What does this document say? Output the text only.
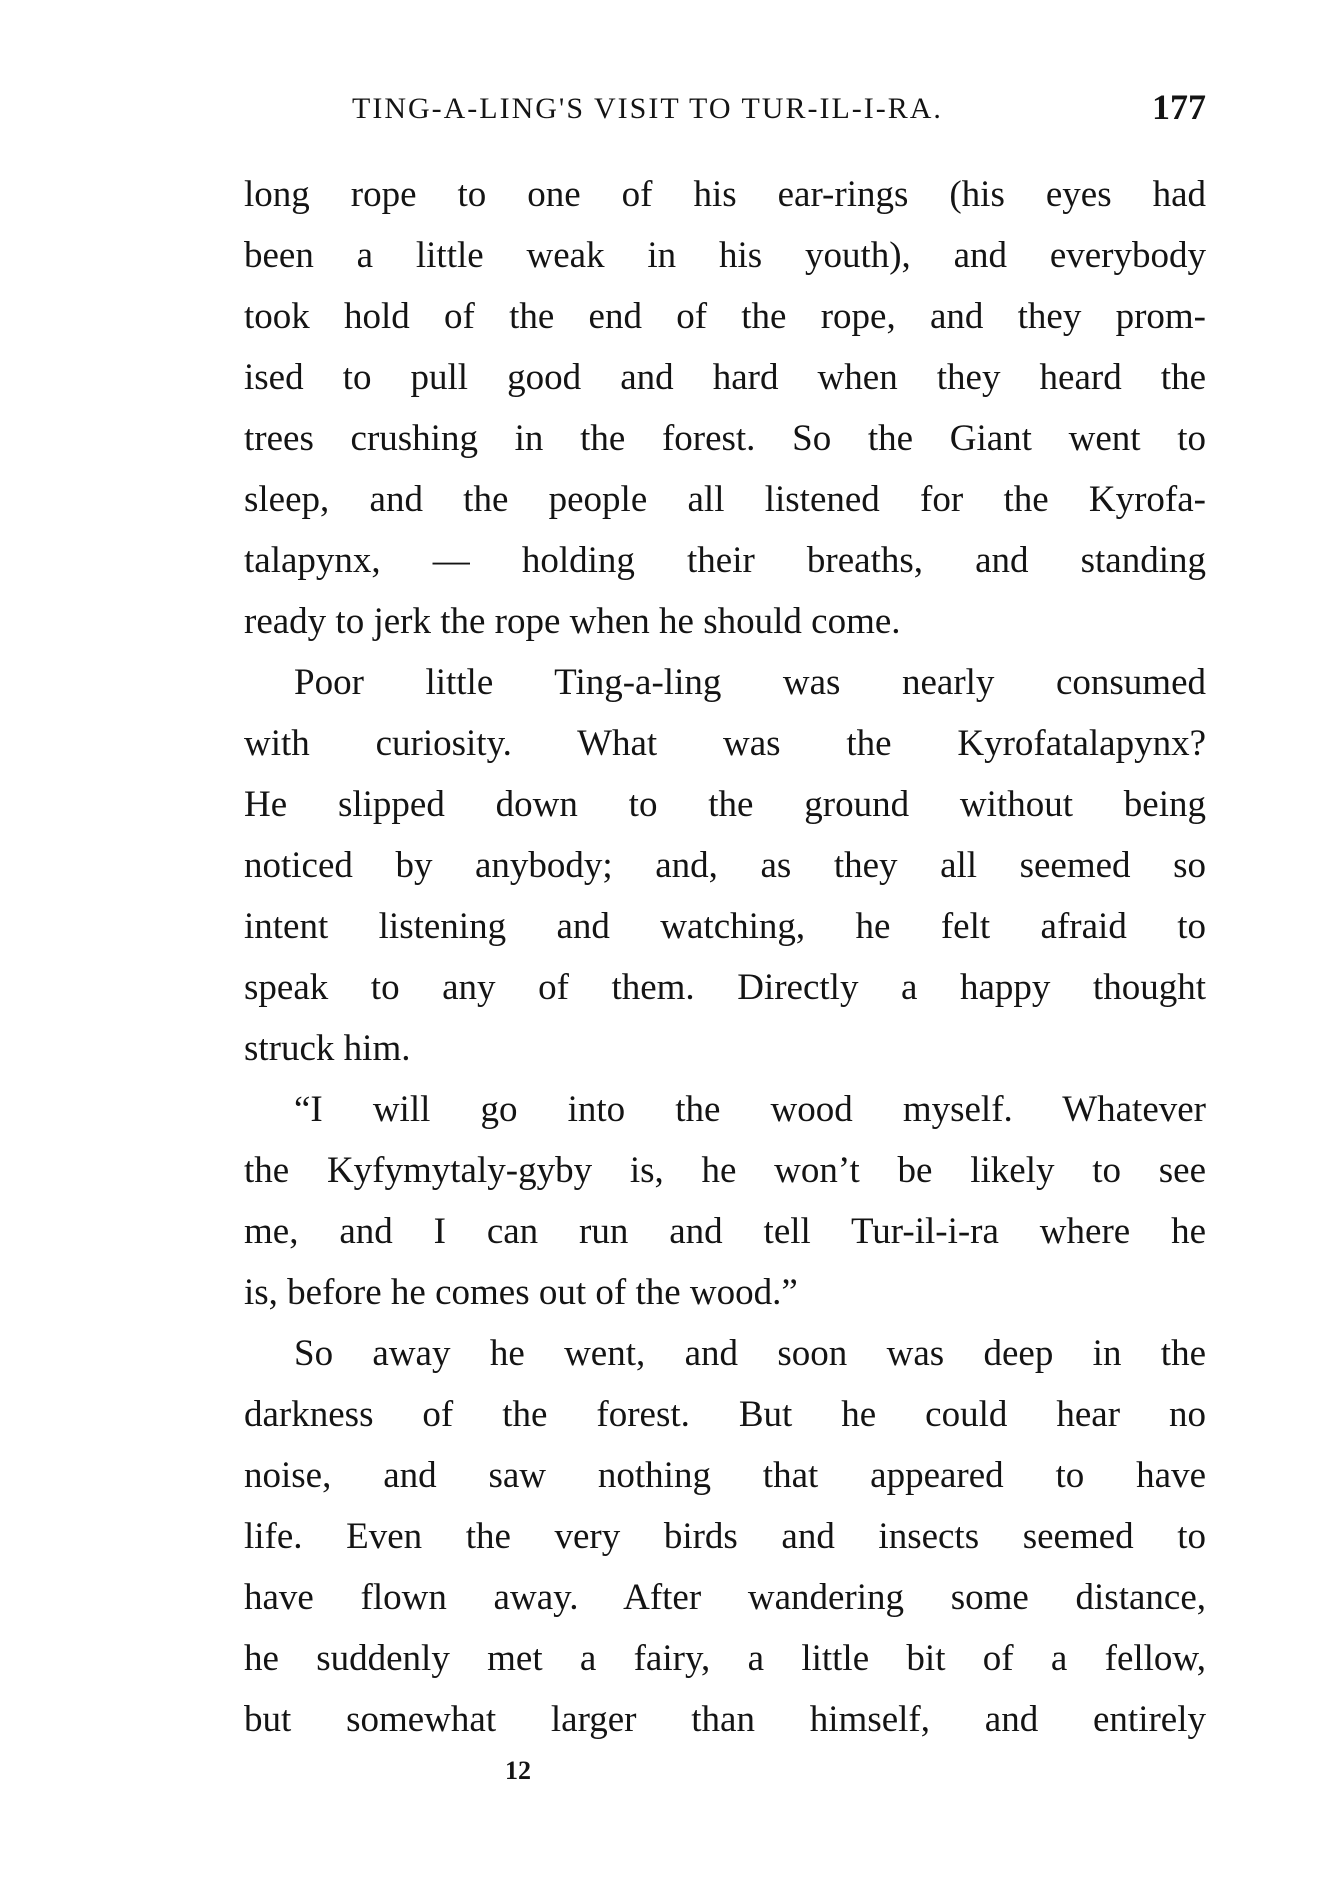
TING-A-LING'S VISIT TO TUR-IL-I-RA.	177
long rope to one of his ear-rings (his eyes had
been a little weak in his youth), and everybody
took hold of the end of the rope, and they prom-
ised to pull good and hard when they heard the
trees crushing in the forest. So the Giant went to
sleep, and the people all listened for the Kyrofa-
talapynx, — holding their breaths, and standing
ready to jerk the rope when he should come.
Poor little Ting-a-ling was nearly consumed
with curiosity. What was the Kyrofatalapynx?
He slipped down to the ground without being
noticed by anybody; and, as they all seemed so
intent listening and watching, he felt afraid to
speak to any of them. Directly a happy thought
struck him.
“I will go into the wood myself. Whatever
the Kyfymytaly-gyby is, he won’t be likely to see
me, and I can run and tell Tur-il-i-ra where he
is, before he comes out of the wood.”
So away he went, and soon was deep in the
darkness of the forest. But he could hear no
noise, and saw nothing that appeared to have
life. Even the very birds and insects seemed to
have flown away. After wandering some distance,
he suddenly met a fairy, a little bit of a fellow,
but somewhat larger than himself, and entirely
12
